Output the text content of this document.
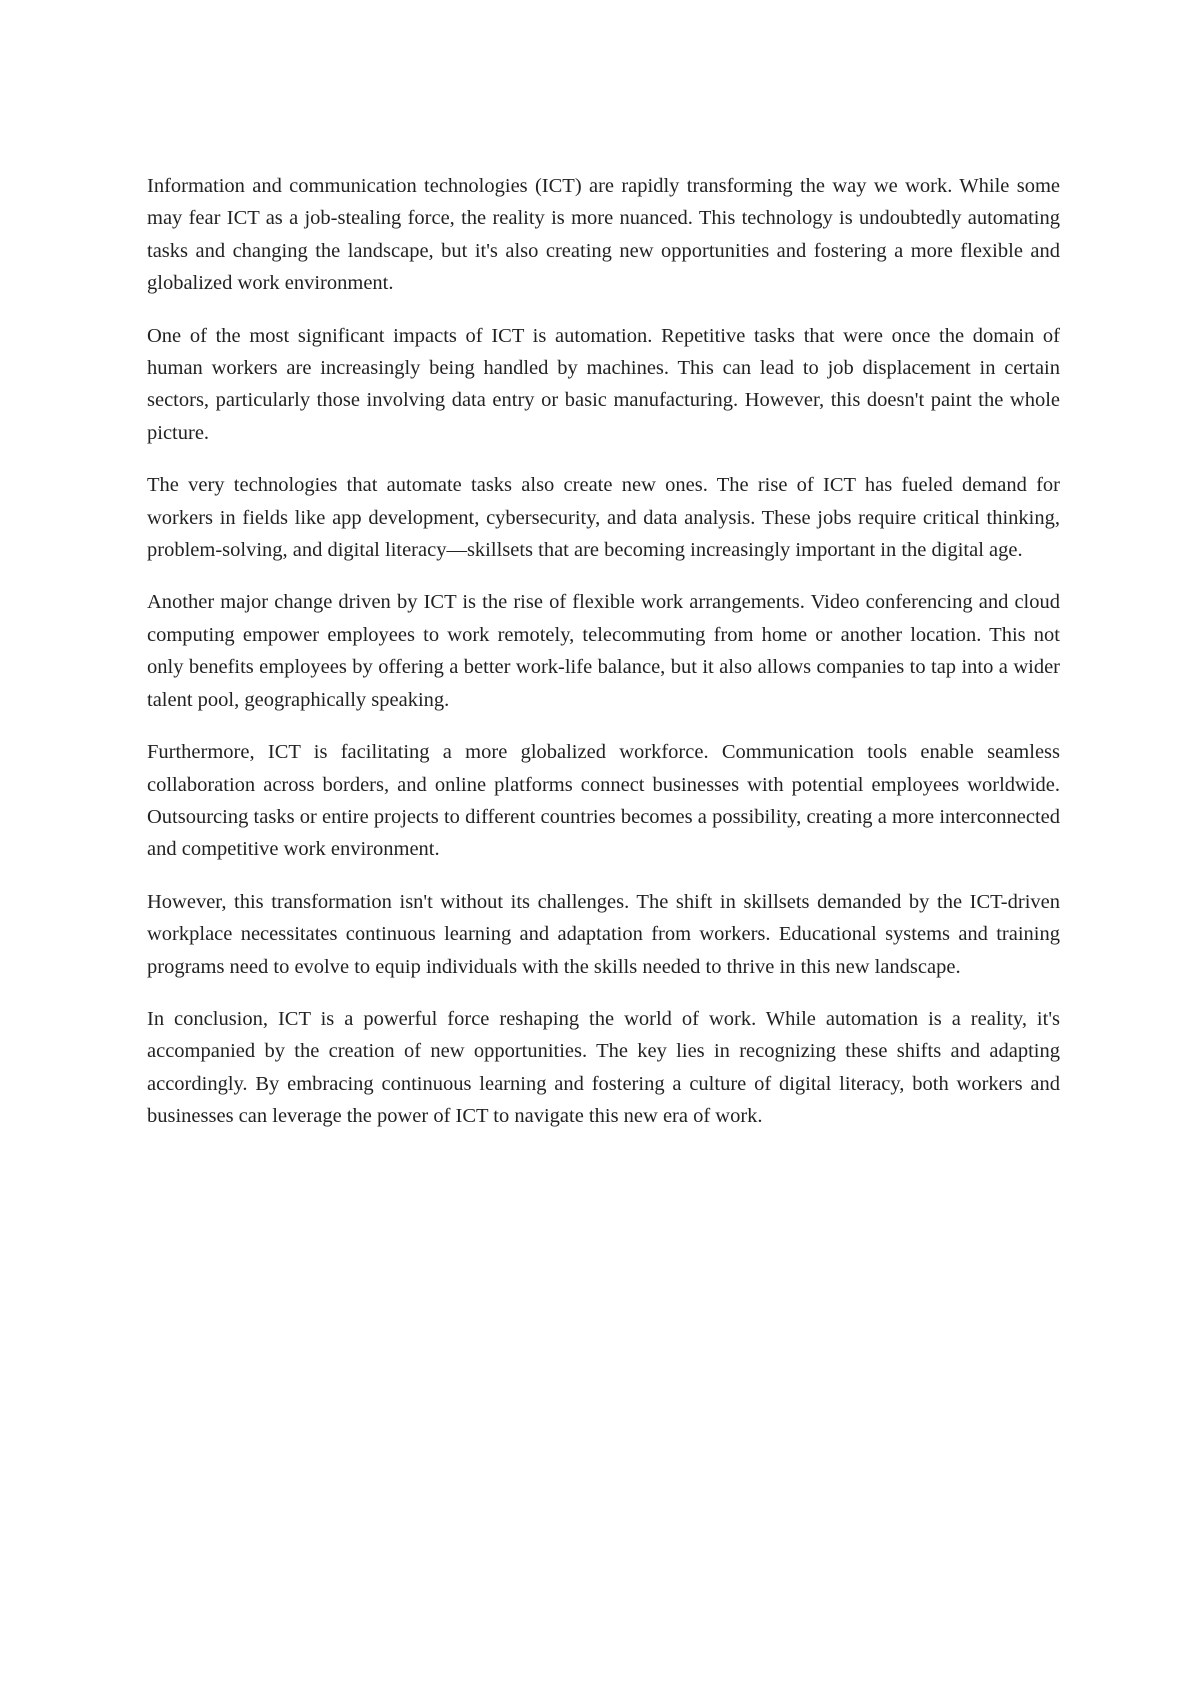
Information and communication technologies (ICT) are rapidly transforming the way we work. While some may fear ICT as a job-stealing force, the reality is more nuanced. This technology is undoubtedly automating tasks and changing the landscape, but it's also creating new opportunities and fostering a more flexible and globalized work environment.

One of the most significant impacts of ICT is automation. Repetitive tasks that were once the domain of human workers are increasingly being handled by machines. This can lead to job displacement in certain sectors, particularly those involving data entry or basic manufacturing. However, this doesn't paint the whole picture.

The very technologies that automate tasks also create new ones. The rise of ICT has fueled demand for workers in fields like app development, cybersecurity, and data analysis. These jobs require critical thinking, problem-solving, and digital literacy—skillsets that are becoming increasingly important in the digital age.

Another major change driven by ICT is the rise of flexible work arrangements. Video conferencing and cloud computing empower employees to work remotely, telecommuting from home or another location. This not only benefits employees by offering a better work-life balance, but it also allows companies to tap into a wider talent pool, geographically speaking.

Furthermore, ICT is facilitating a more globalized workforce. Communication tools enable seamless collaboration across borders, and online platforms connect businesses with potential employees worldwide. Outsourcing tasks or entire projects to different countries becomes a possibility, creating a more interconnected and competitive work environment.

However, this transformation isn't without its challenges. The shift in skillsets demanded by the ICT-driven workplace necessitates continuous learning and adaptation from workers. Educational systems and training programs need to evolve to equip individuals with the skills needed to thrive in this new landscape.

In conclusion, ICT is a powerful force reshaping the world of work. While automation is a reality, it's accompanied by the creation of new opportunities. The key lies in recognizing these shifts and adapting accordingly. By embracing continuous learning and fostering a culture of digital literacy, both workers and businesses can leverage the power of ICT to navigate this new era of work.
